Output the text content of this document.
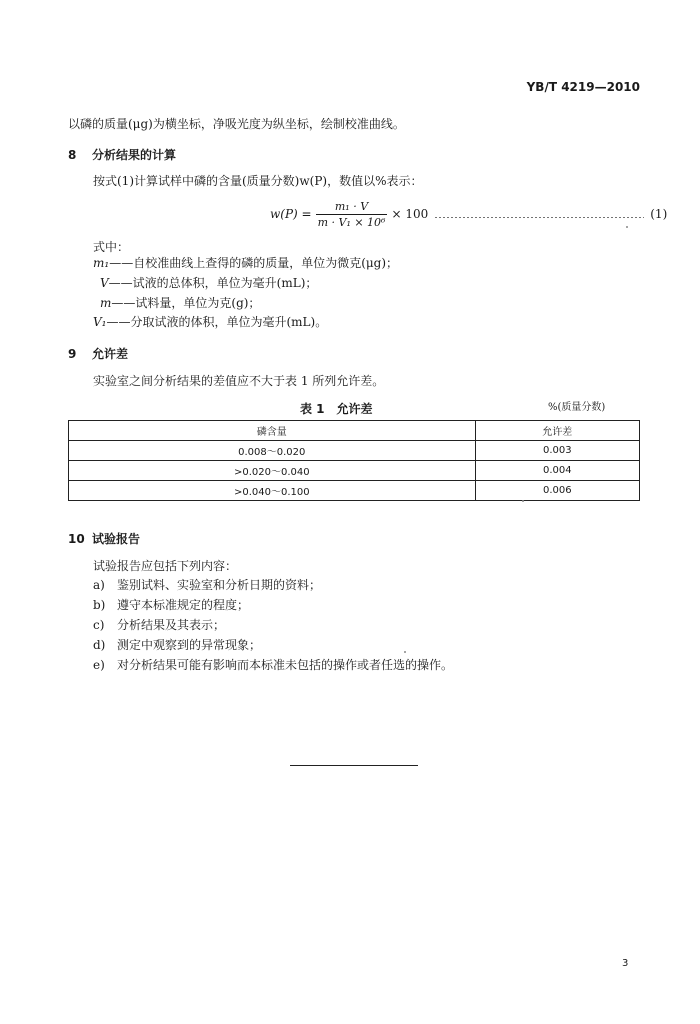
YB/T 4219—2010
以磷的质量(μg)为横坐标，净吸光度为纵坐标，绘制校准曲线。
8 分析结果的计算
按式(1)计算试样中磷的含量(质量分数)w(P)，数值以%表示：
$w(P) = \frac{\text{m₁ · V}}{\text{m · V₁ × 10⁶}} \times 100$	(1)
式中：
m₁——自校准曲线上查得的磷的质量，单位为微克(μg)；
V——试液的总体积，单位为毫升(mL)；
m——试料量，单位为克(g)；
V₁——分取试液的体积，单位为毫升(mL)。
9 允许差
实验室之间分析结果的差值应不大于表 1 所列允许差。
表 1　允许差	%(质量分数)
磷含量	允许差
0.008～0.020	0.003
>0.020～0.040	0.004
>0.040～0.100	0.006
10 试验报告
试验报告应包括下列内容：
a) 鉴别试料、实验室和分析日期的资料；
b) 遵守本标准规定的程度；
c) 分析结果及其表示；
d) 测定中观察到的异常现象；
e) 对分析结果可能有影响而本标准未包括的操作或者任选的操作。
3
